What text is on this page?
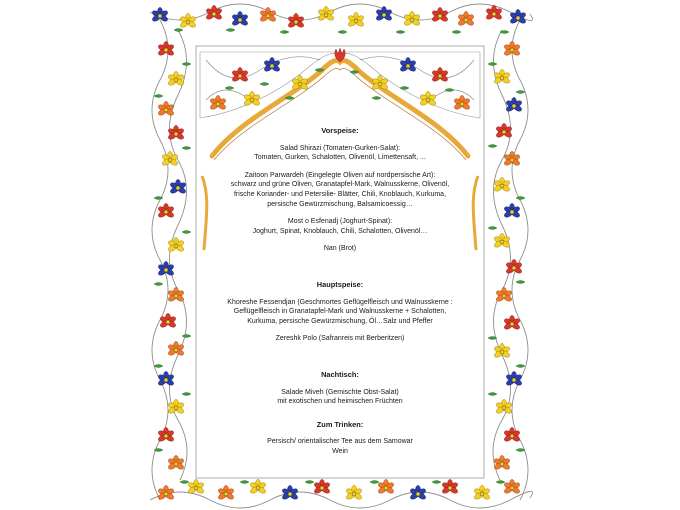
Vorspeise:
Salad Shirazi (Tomaten-Gurken-Salat):
Tomaten, Gurken, Schalotten, Olivenöl, Limettensaft, ...
Zaitoon Parwardeh (Eingelegte Oliven auf nordpersische Art):
schwarz und grüne Oliven, Granatapfel-Mark, Walnusskerne, Olivenöl,
frische Koriander- und Petersilie- Blätter, Chili, Knoblauch, Kurkuma,
persische Gewürzmischung, Balsamicoessig…
Most o Esfenadj (Joghurt-Spinat):
Joghurt, Spinat, Knoblauch, Chili, Schalotten, Olivenöl…
Nan (Brot)
Hauptspeise:
Khoreshe Fessendjan (Geschmortes Geflügelfleisch und Walnusskerne :
Geflügelfleisch in Granatapfel-Mark und Walnusskerne + Schalotten,
Kurkuma, persische Gewürzmischung, Öl…Salz und Pfeffer
Zereshk Polo (Safranreis mit Berberitzen)
Nachtisch:
Salade Miveh (Gemischte Obst-Salat)
mit exotischen und heimischen Früchten
Zum Trinken:
Persisch/ orientalischer Tee aus dem Samowar
Wein
